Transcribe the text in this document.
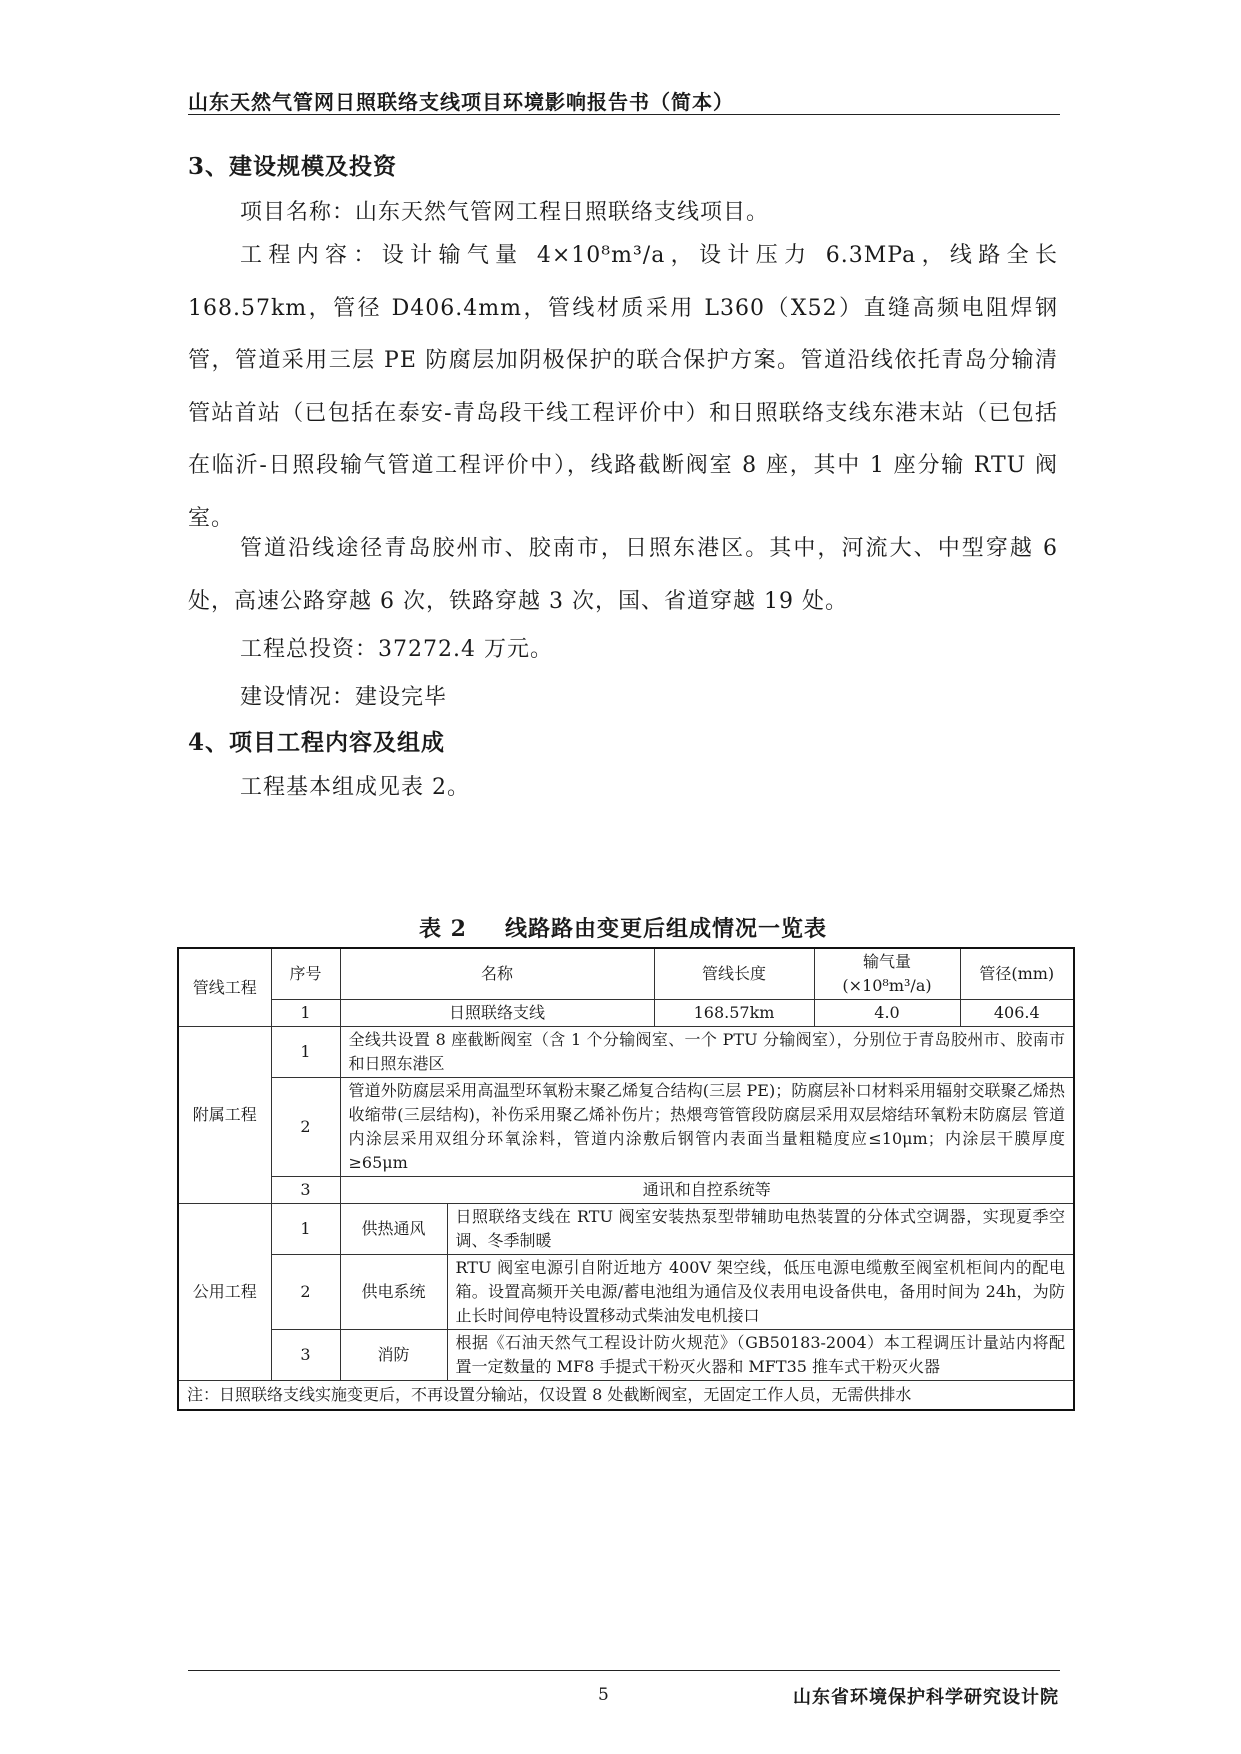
山东天然气管网日照联络支线项目环境影响报告书（简本）
3、建设规模及投资
项目名称：山东天然气管网工程日照联络支线项目。
工程内容：设计输气量 4×10⁸m³/a，设计压力 6.3MPa，线路全长 168.57km，管径 D406.4mm，管线材质采用 L360（X52）直缝高频电阻焊钢管，管道采用三层 PE 防腐层加阴极保护的联合保护方案。管道沿线依托青岛分输清管站首站（已包括在泰安-青岛段干线工程评价中）和日照联络支线东港末站（已包括在临沂-日照段输气管道工程评价中），线路截断阀室 8 座，其中 1 座分输 RTU 阀室。
管道沿线途径青岛胶州市、胶南市，日照东港区。其中，河流大、中型穿越 6 处，高速公路穿越 6 次，铁路穿越 3 次，国、省道穿越 19 处。
工程总投资：37272.4 万元。
建设情况：建设完毕
4、项目工程内容及组成
工程基本组成见表 2。
表 2 线路路由变更后组成情况一览表
管线工程	序号	名称		管线长度	输气量(×10⁸m³/a)	管径(mm)
	1	日照联络支线		168.57km	4.0	406.4
附属工程	1	全线共设置 8 座截断阀室（含 1 个分输阀室、一个 PTU 分输阀室），分别位于青岛胶州市、胶南市和日照东港区				
	2	管道外防腐层采用高温型环氧粉末聚乙烯复合结构(三层 PE)；防腐层补口材料采用辐射交联聚乙烯热收缩带(三层结构)，补伤采用聚乙烯补伤片；热煨弯管管段防腐层采用双层熔结环氧粉末防腐层 管道内涂层采用双组分环氧涂料，管道内涂敷后钢管内表面当量粗糙度应≤10μm；内涂层干膜厚度≥65μm				
	3	通讯和自控系统等				
公用工程	1	供热通风	日照联络支线在 RTU 阀室安装热泵型带辅助电热装置的分体式空调器，实现夏季空调、冬季制暖			
	2	供电系统	RTU 阀室电源引自附近地方 400V 架空线，低压电源电缆敷至阀室机柜间内的配电箱。设置高频开关电源/蓄电池组为通信及仪表用电设备供电，备用时间为 24h，为防止长时间停电特设置移动式柴油发电机接口			
	3	消防	根据《石油天然气工程设计防火规范》（GB50183-2004）本工程调压计量站内将配置一定数量的 MF8 手提式干粉灭火器和 MFT35 推车式干粉灭火器			
注：日照联络支线实施变更后，不再设置分输站，仅设置 8 处截断阀室，无固定工作人员，无需供排水						
5	山东省环境保护科学研究设计院
